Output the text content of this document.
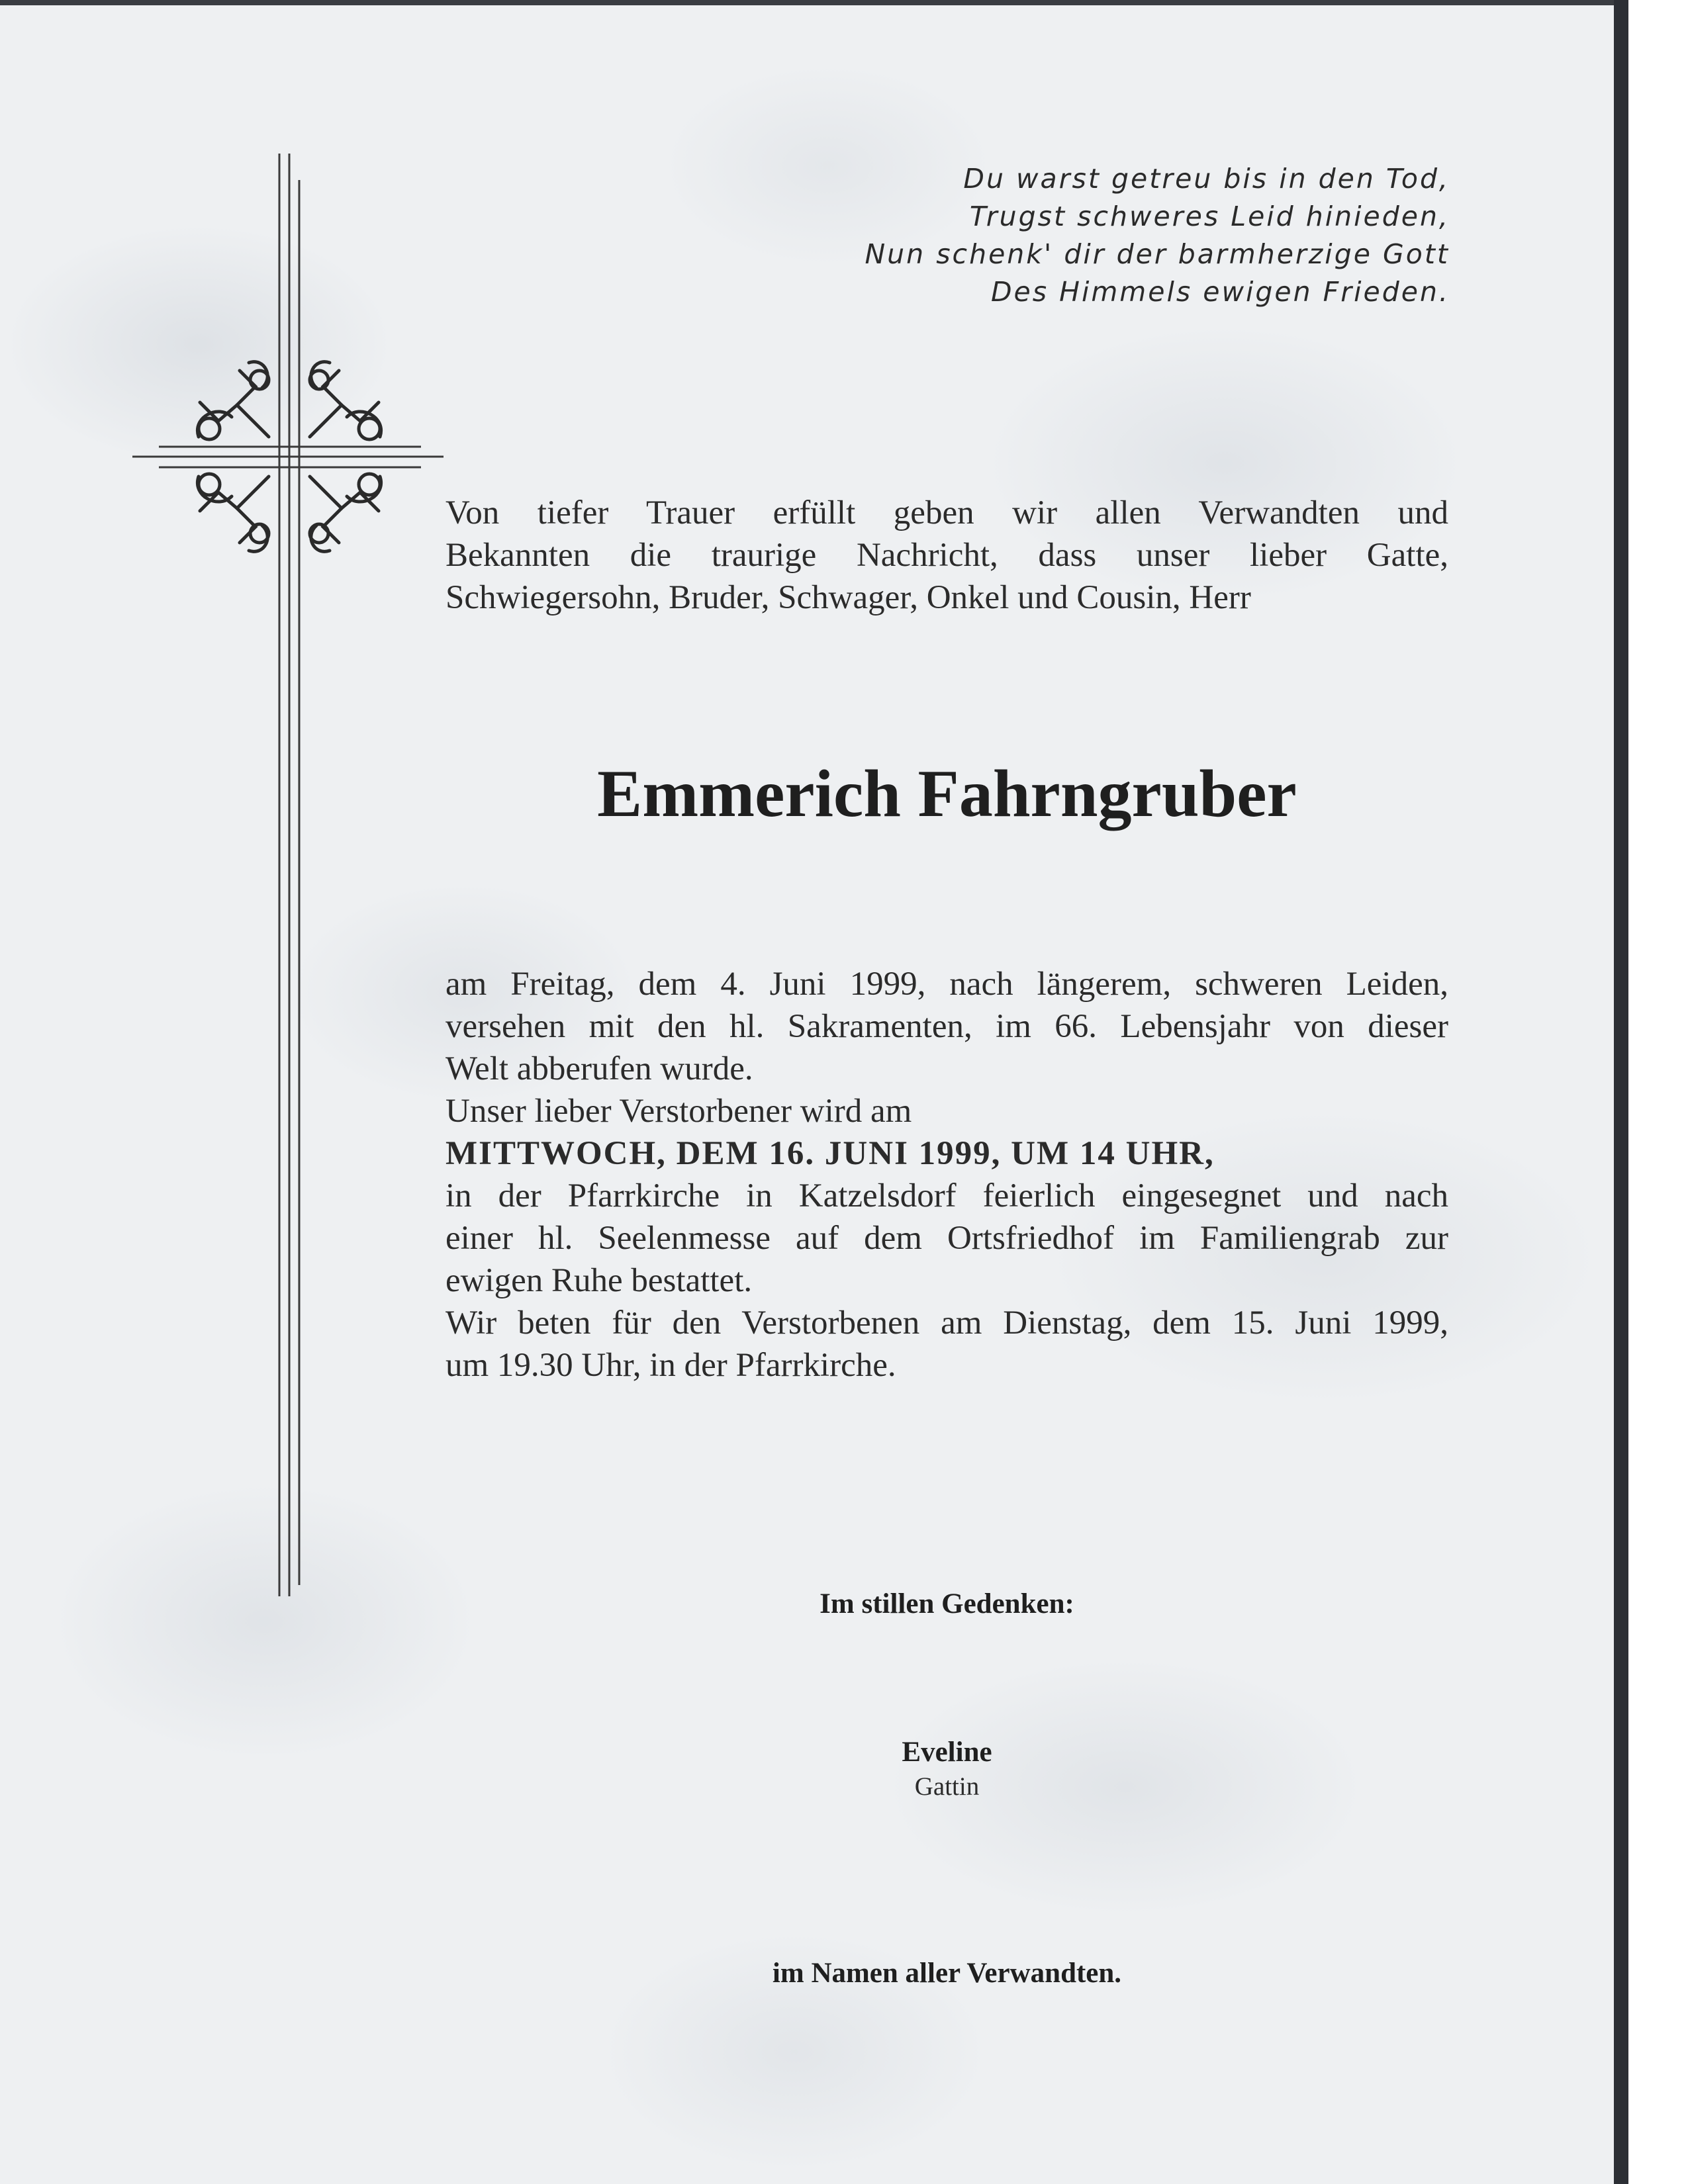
Du warst getreu bis in den Tod,
Trugst schweres Leid hinieden,
Nun schenk' dir der barmherzige Gott
Des Himmels ewigen Frieden.
Von tiefer Trauer erfüllt geben wir allen Verwandten und
Bekannten die traurige Nachricht, dass unser lieber Gatte,
Schwiegersohn, Bruder, Schwager, Onkel und Cousin, Herr
Emmerich Fahrngruber
am Freitag, dem 4. Juni 1999, nach längerem, schweren Leiden,
versehen mit den hl. Sakramenten, im 66. Lebensjahr von dieser
Welt abberufen wurde.
Unser lieber Verstorbener wird am
MITTWOCH, DEM 16. JUNI 1999, UM 14 UHR,
in der Pfarrkirche in Katzelsdorf feierlich eingesegnet und nach
einer hl. Seelenmesse auf dem Ortsfriedhof im Familiengrab zur
ewigen Ruhe bestattet.
Wir beten für den Verstorbenen am Dienstag, dem 15. Juni 1999,
um 19.30 Uhr, in der Pfarrkirche.
Im stillen Gedenken:
Eveline
Gattin
im Namen aller Verwandten.
